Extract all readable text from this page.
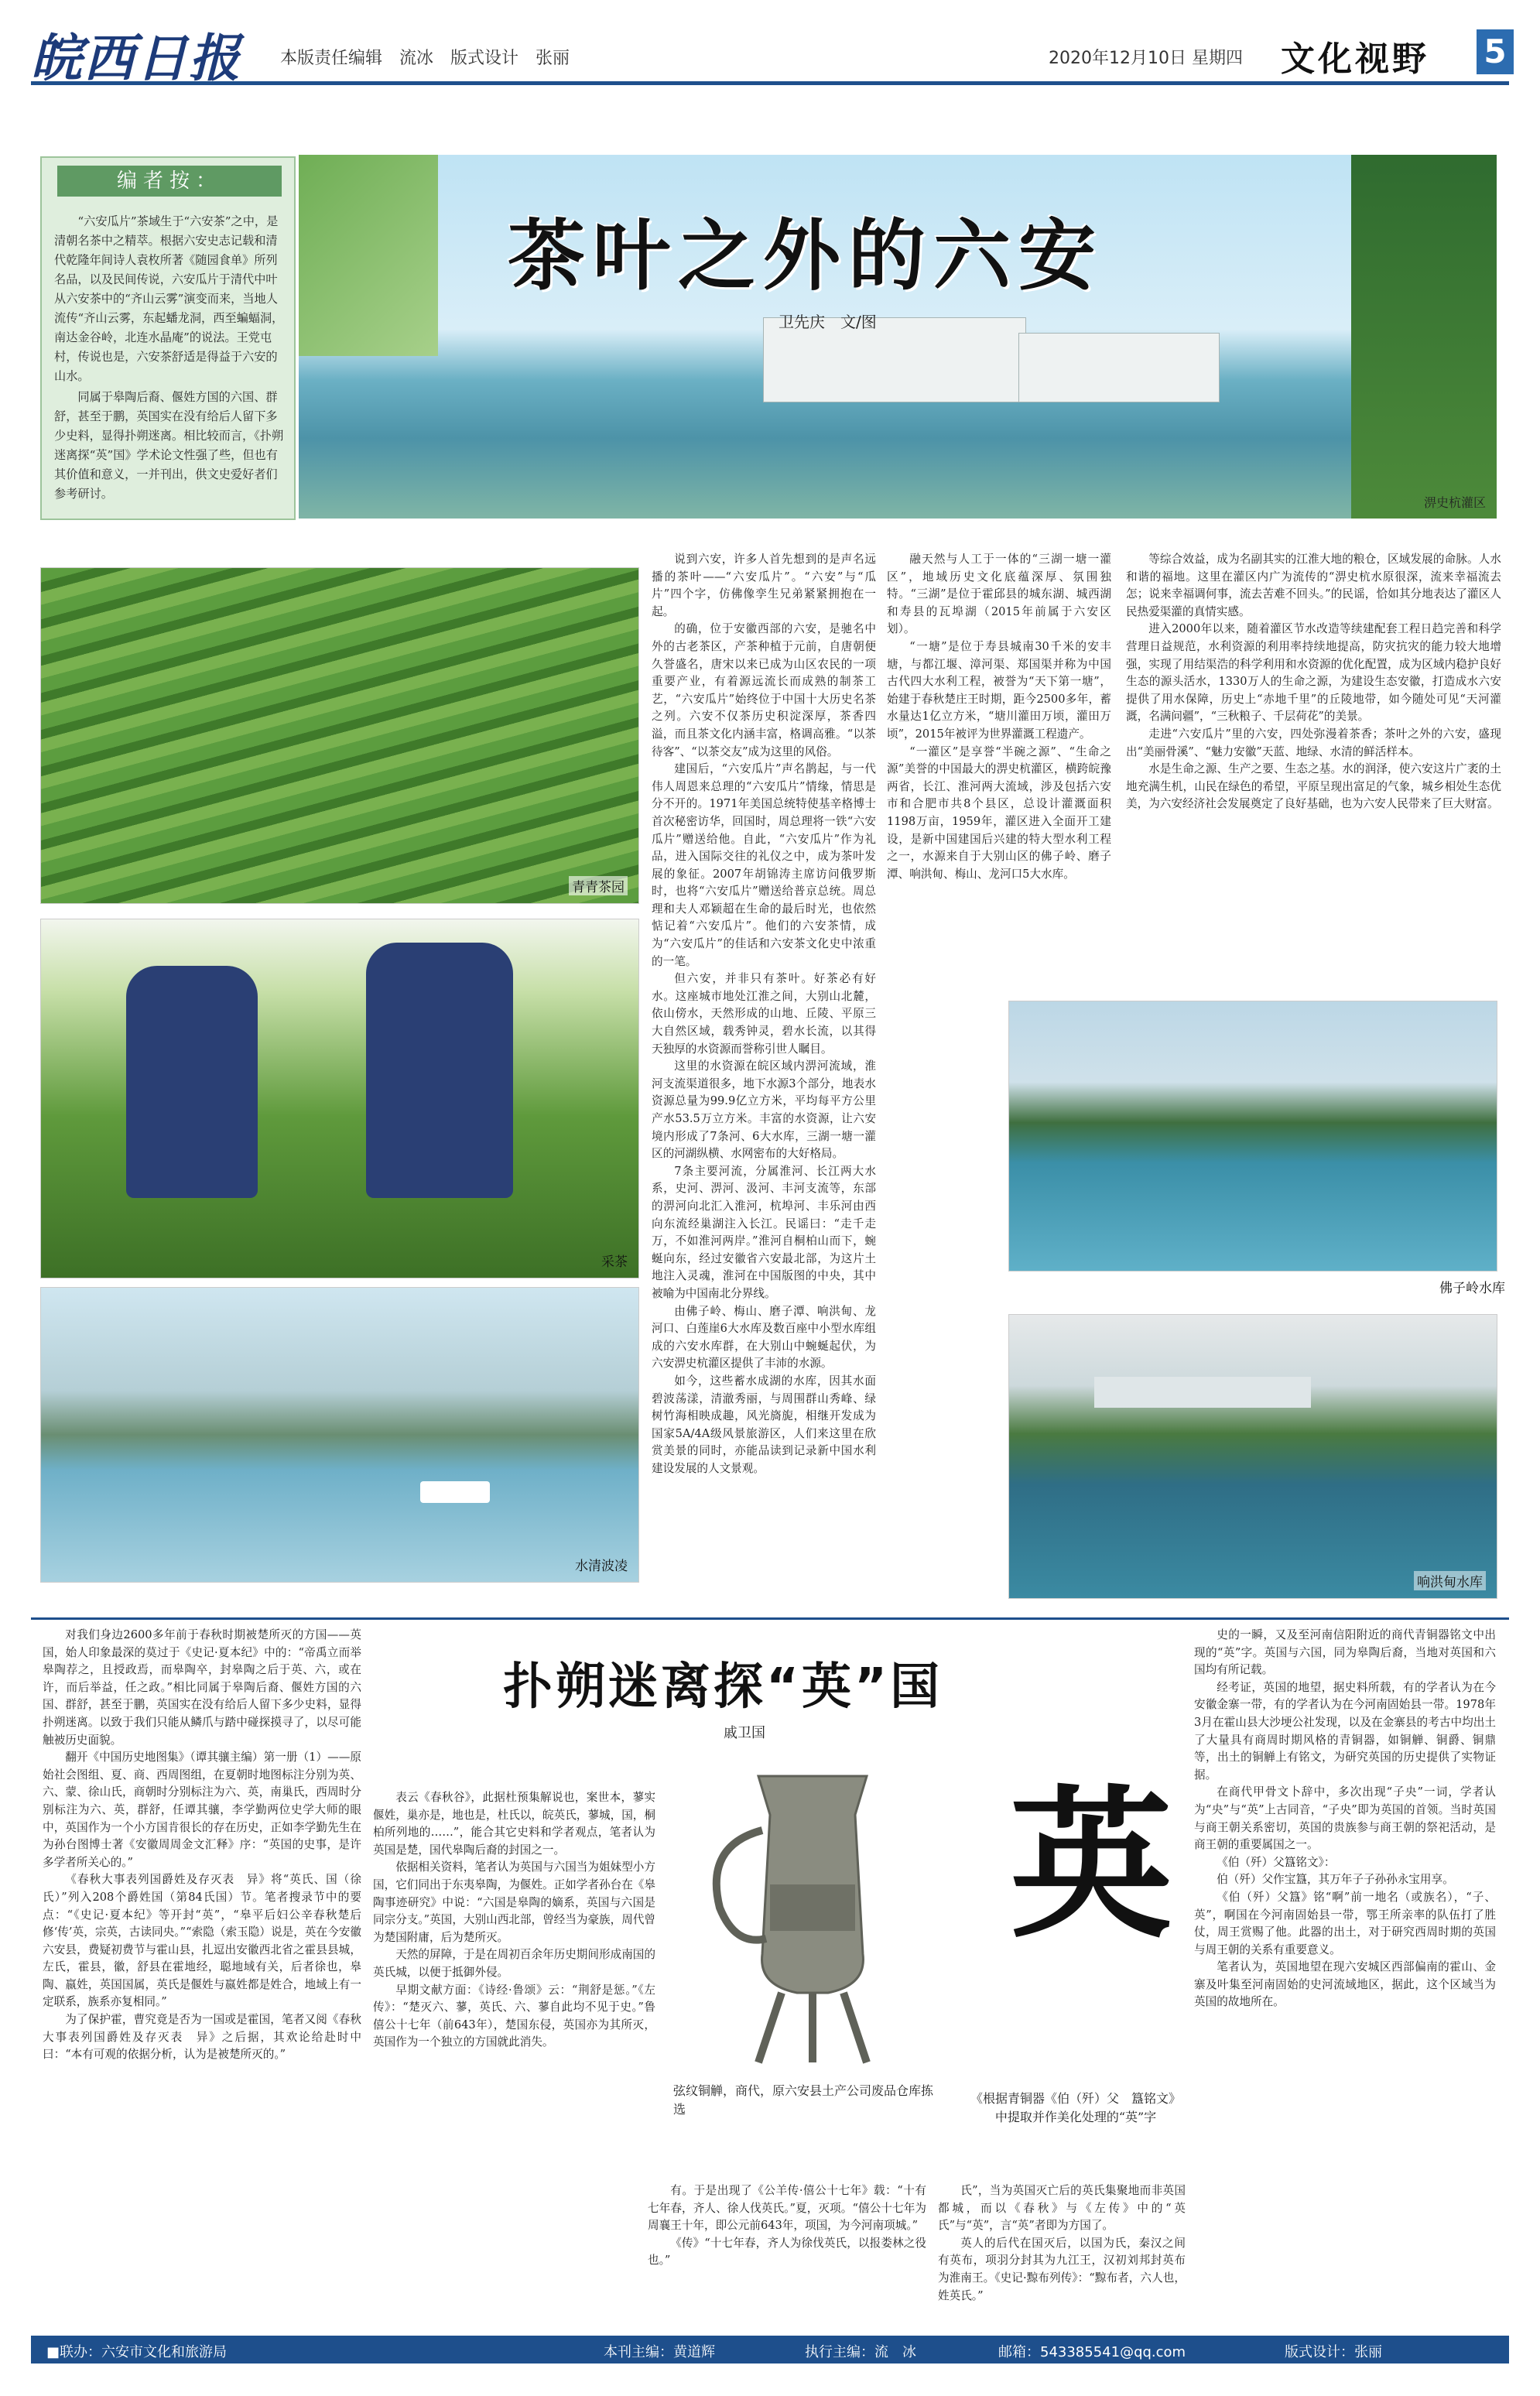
皖西日报 本版责任编辑　流冰　版式设计　张丽	2020年12月10日 星期四 文化视野 5
编者按：

“六安瓜片”茶域生于“六安茶”之中，是清朝名茶中之精萃。根据六安史志记载和清代乾隆年间诗人袁枚所著《随园食单》所列名品，以及民间传说，六安瓜片于清代中叶从六安茶中的“齐山云雾”演变而来，当地人流传“齐山云雾，东起蟠龙洞，西至蝙蝠洞，南达金谷岭，北连水晶庵”的说法。王党屯村，传说也是，六安茶舒适是得益于六安的山水。

同属于皋陶后裔、偃姓方国的六国、群舒，甚至于鹏，英国实在没有给后人留下多少史料，显得扑朔迷离。相比较而言，《扑朔迷离探“英”国》学术论文性强了些，但也有其价值和意义，一并刊出，供文史爱好者们参考研讨。

茶叶之外的六安
卫先庆　文/图
淠史杭灌区
青青茶园
采茶
水清波凌
佛子岭水库
响洪甸水库

说到六安，许多人首先想到的是声名远播的茶叶——“六安瓜片”。“六安”与“瓜片”四个字，仿佛像孪生兄弟紧紧拥抱在一起。

的确，位于安徽西部的六安，是驰名中外的古老茶区，产茶种植于元前，自唐朝便久誉盛名，唐宋以来已成为山区农民的一项重要产业，有着源远流长而成熟的制茶工艺，“六安瓜片”始终位于中国十大历史名茶之列。六安不仅茶历史积淀深厚，茶香四溢，而且茶文化内涵丰富，格调高雅。“以茶待客”、“以茶交友”成为这里的风俗。

建国后，“六安瓜片”声名鹊起，与一代伟人周恩来总理的“六安瓜片”情缘，情思是分不开的。1971年美国总统特使基辛格博士首次秘密访华，回国时，周总理将一铁“六安瓜片”赠送给他。自此，“六安瓜片”作为礼品，进入国际交往的礼仪之中，成为茶叶发展的象征。2007年胡锦涛主席访问俄罗斯时，也将“六安瓜片”赠送给普京总统。周总理和夫人邓颖超在生命的最后时光，也依然惦记着“六安瓜片”。他们的六安茶情，成为“六安瓜片”的佳话和六安茶文化史中浓重的一笔。

但六安，并非只有茶叶。好茶必有好水。这座城市地处江淮之间，大别山北麓，依山傍水，天然形成的山地、丘陵、平原三大自然区域，载秀钟灵，碧水长流，以其得天独厚的水资源而誉称引世人瞩目。

这里的水资源在皖区域内淠河流域，淮河支流渠道很多，地下水源3个部分，地表水资源总量为99.9亿立方米，平均每平方公里产水53.5万立方米。丰富的水资源，让六安境内形成了7条河、6大水库，三湖一塘一灌区的河湖纵横、水网密布的大好格局。

7条主要河流，分属淮河、长江两大水系，史河、淠河、汲河、丰河支流等，东部的淠河向北汇入淮河，杭埠河、丰乐河由西向东流经巢湖注入长江。民谣曰：“走千走万，不如淮河两岸。”淮河自桐柏山而下，蜿蜒向东，经过安徽省六安最北部，为这片土地注入灵魂，淮河在中国版图的中央，其中被喻为中国南北分界线。

由佛子岭、梅山、磨子潭、响洪甸、龙河口、白莲崖6大水库及数百座中小型水库组成的六安水库群，在大别山中蜿蜒起伏，为六安淠史杭灌区提供了丰沛的水源。

如今，这些蓄水成湖的水库，因其水面碧波荡漾，清澈秀丽，与周围群山秀峰、绿树竹海相映成趣，风光旖旎，相继开发成为国家5A/4A级风景旅游区，人们来这里在欣赏美景的同时，亦能品读到记录新中国水利建设发展的人文景观。

融天然与人工于一体的“三湖一塘一灌区”，地域历史文化底蕴深厚、氛围独特。“三湖”是位于霍邱县的城东湖、城西湖和寿县的瓦埠湖（2015年前属于六安区划）。

“一塘”是位于寿县城南30千米的安丰塘，与都江堰、漳河渠、郑国渠并称为中国古代四大水利工程，被誉为“天下第一塘”，始建于春秋楚庄王时期，距今2500多年，蓄水量达1亿立方米，“塘川灌田万顷，灌田万顷”，2015年被评为世界灌溉工程遗产。

“一灌区”是享誉“半碗之源”、“生命之源”美誉的中国最大的淠史杭灌区，横跨皖豫两省，长江、淮河两大流域，涉及包括六安市和合肥市共8个县区，总设计灌溉面积1198万亩，1959年，灌区进入全面开工建设，是新中国建国后兴建的特大型水利工程之一，水源来自于大别山区的佛子岭、磨子潭、响洪甸、梅山、龙河口5大水库。

等综合效益，成为名副其实的江淮大地的粮仓，区域发展的命脉。人水和谐的福地。这里在灌区内广为流传的“淠史杭水原很深，流来幸福流去怎；说来幸福调何事，流去苦难不回头。”的民谣，恰如其分地表达了灌区人民热爱渠灌的真情实感。

进入2000年以来，随着灌区节水改造等续建配套工程日趋完善和科学营理日益规范，水利资源的利用率持续地提高，防灾抗灾的能力较大地增强，实现了用结渠浩的科学利用和水资源的优化配置，成为区域内稳护良好生态的源头活水，1330万人的生命之源，为建设生态安徽，打造成水六安提供了用水保障，历史上“赤地千里”的丘陵地带，如今随处可见“天河灌溉，名满问疆”，“三秋粮子、千层荷花”的美景。

走进“六安瓜片”里的六安，四处弥漫着茶香；茶叶之外的六安，盛现出“美丽骨溪”、“魅力安徽”天蓝、地绿、水清的鲜活样本。

水是生命之源、生产之要、生态之基。水的润泽，使六安这片广袤的土地充满生机，山民在绿色的希望，平原呈现出富足的气象，城乡相处生态优美，为六安经济社会发展奠定了良好基础，也为六安人民带来了巨大财富。

扑朔迷离探“英”国
戚卫国

对我们身边2600多年前于春秋时期被楚所灭的方国——英国，始人印象最深的莫过于《史记·夏本纪》中的：“帝禹立而举皋陶荐之，且授政焉，而皋陶卒，封皋陶之后于英、六，或在许，而后举益，任之政。”相比同属于皋陶后裔、偃姓方国的六国、群舒，甚至于鹏，英国实在没有给后人留下多少史料，显得扑朔迷离。以致于我们只能从鳞爪与踏中碰探摸寻了，以尽可能触被历史面貌。

翻开《中国历史地图集》（谭其骧主编）第一册（1）——原始社会图组、夏、商、西周图组，在夏朝时地图标注分别为英、六、蒙、徐山氏，商朝时分别标注为六、英，南巢氏，西周时分别标注为六、英，群舒，任谭其骧，李学勤两位史学大师的眼中，英国作为一个小方国肯很长的存在历史，正如李学勤先生在为孙台图博士著《安徽周周金文汇释》序：“英国的史事，是许多学者所关心的。”

《春秋大事表列国爵姓及存灭表　异》将“英氏、国（徐氏）”列入208个爵姓国（第84氏国）节。笔者搜录节中的要点：“《史记·夏本纪》等开封“英”，“皋平后妇公辛春秋楚后修‘传’英，宗英，古读同央。”“索隐（索玉隐）说是，英在今安徽六安县，费疑初费节与霍山县，扎逗出安徽西北省之霍县县城，左氏，霍县，徽，舒县在霍地经，聪地域有关，后者徐也，皋陶、嬴姓，英国国属，英氏是偃姓与嬴姓都是姓合，地域上有一定联系，族系亦复相同。”

为了保护霍，曹究竟是否为一国或是霍国，笔者又阅《春秋大事表列国爵姓及存灭表　异》之后据，其欢论给赴时中曰：“本有可观的依据分析，认为是被楚所灭的。”

表云《春秋谷》，此据杜预集解说也，案世本，蓼实偃姓，巢亦是，地也是，杜氏以，皖英氏，蓼城，国，桐柏所列地的……”，能合其它史料和学者观点，笔者认为英国是楚，国代皋陶后裔的封国之一。

依据相关资料，笔者认为英国与六国当为姐妹型小方国，它们同出于东夷皋陶，为偃姓。正如学者孙台在《皋陶事迹研究》中说：“六国是皋陶的嫡系，英国与六国是同宗分支。”英国，大别山西北部，曾经当为豪族，周代曾为楚国附庸，后为楚所灭。

天然的屏障，于是在周初百余年历史期间形成南国的英氏城，以便于抵御外侵。

早期文献方面：《诗经·鲁颂》云：“荆舒是惩。”《左传》：“楚灭六、蓼，英氏、六、蓼自此均不见于史。”鲁僖公十七年（前643年），楚国东侵，英国亦为其所灭，英国作为一个独立的方国就此消失。

英
《根据青铜器《伯（歼）父　簋铭文》中提取并作美化处理的“英”字
弦纹铜觯，商代，原六安县土产公司废品仓库拣选

有。于是出现了《公羊传·僖公十七年》载：“十有七年春，齐人、徐人伐英氏。”夏，灭项。“僖公十七年为周襄王十年，即公元前643年，项国，为今河南项城。”

《传》“十七年春，齐人为徐伐英氏，以报娄林之役也。”

氏”，当为英国灭亡后的英氏集聚地而非英国都城，而以《春秋》与《左传》中的“英氏”与“英”，言“英”者即为方国了。

英人的后代在国灭后，以国为氏，秦汉之间有英布，项羽分封其为九江王，汉初刘邦封英布为淮南王。《史记·黥布列传》：“黥布者，六人也，姓英氏。”

史的一瞬，又及至河南信阳附近的商代青铜器铭文中出现的“英”字。英国与六国，同为皋陶后裔，当地对英国和六国均有所记载。

经考证，英国的地望，据史料所载，有的学者认为在今安徽金寨一带，有的学者认为在今河南固始县一带。1978年3月在霍山县大沙埂公社发现，以及在金寨县的考古中均出土了大量具有商周时期风格的青铜器，如铜觯、铜爵、铜鼎等，出土的铜觯上有铭文，为研究英国的历史提供了实物证据。

在商代甲骨文卜辞中，多次出现“子央”一词，学者认为“央”与“英”上古同音，“子央”即为英国的首领。当时英国与商王朝关系密切，英国的贵族参与商王朝的祭祀活动，是商王朝的重要属国之一。

《伯（歼）父簋铭文》：

伯（歼）父作宝簋，其万年子子孙孙永宝用享。

《伯（歼）父簋》铭“啊”前一地名（或族名），“子、英”，啊国在今河南固始县一带，鄂王所亲率的队伍打了胜仗，周王赏赐了他。此器的出土，对于研究西周时期的英国与周王朝的关系有重要意义。

笔者认为，英国地望在现六安城区西部偏南的霍山、金寨及叶集至河南固始的史河流域地区，据此，这个区域当为英国的故地所在。

■联办：六安市文化和旅游局	本刊主编：黄道辉	执行主编：流　冰	邮箱：543385541@qq.com	版式设计：张丽
